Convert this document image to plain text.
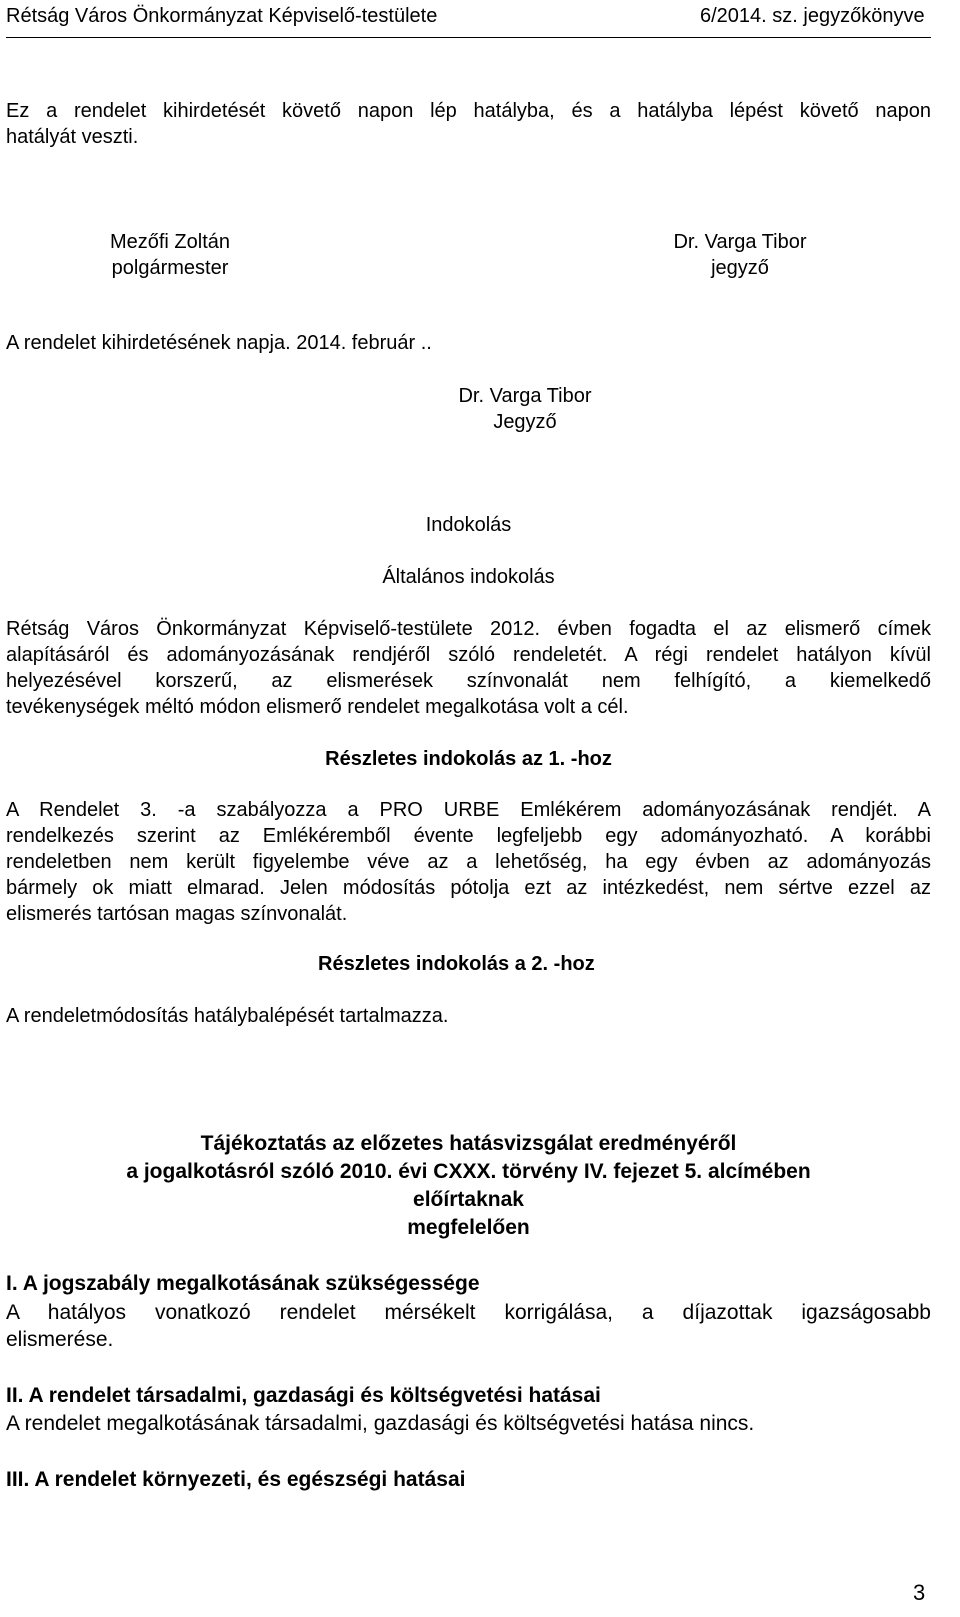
Rétság Város Önkormányzat Képviselő-testülete	6/2014. sz. jegyzőkönyve
Ez a rendelet kihirdetését követő napon lép hatályba, és a hatályba lépést követő napon
hatályát veszti.
Mezőfi Zoltán
polgármester
Dr. Varga Tibor
jegyző
A rendelet kihirdetésének napja. 2014. február ..
Dr. Varga Tibor
Jegyző
Indokolás
Általános indokolás
Rétság Város Önkormányzat Képviselő-testülete 2012. évben fogadta el az elismerő címek
alapításáról és adományozásának rendjéről szóló rendeletét. A régi rendelet hatályon kívül
helyezésével korszerű, az elismerések színvonalát nem felhígító, a kiemelkedő
tevékenységek méltó módon elismerő rendelet megalkotása volt a cél.
Részletes indokolás az 1. -hoz
A Rendelet 3. -a szabályozza a PRO URBE Emlékérem adományozásának rendjét. A
rendelkezés szerint az Emlékéremből évente legfeljebb egy adományozható. A korábbi
rendeletben nem került figyelembe véve az a lehetőség, ha egy évben az adományozás
bármely ok miatt elmarad. Jelen módosítás pótolja ezt az intézkedést, nem sértve ezzel az
elismerés tartósan magas színvonalát.
Részletes indokolás a 2. -hoz
A rendeletmódosítás hatálybalépését tartalmazza.
Tájékoztatás az előzetes hatásvizsgálat eredményéről
a jogalkotásról szóló 2010. évi CXXX. törvény IV. fejezet 5. alcímében
előírtaknak
megfelelően
I. A jogszabály megalkotásának szükségessége
A hatályos vonatkozó rendelet mérsékelt korrigálása, a díjazottak igazságosabb
elismerése.
II. A rendelet társadalmi, gazdasági és költségvetési hatásai
A rendelet megalkotásának társadalmi, gazdasági és költségvetési hatása nincs.
III. A rendelet környezeti, és egészségi hatásai
3
